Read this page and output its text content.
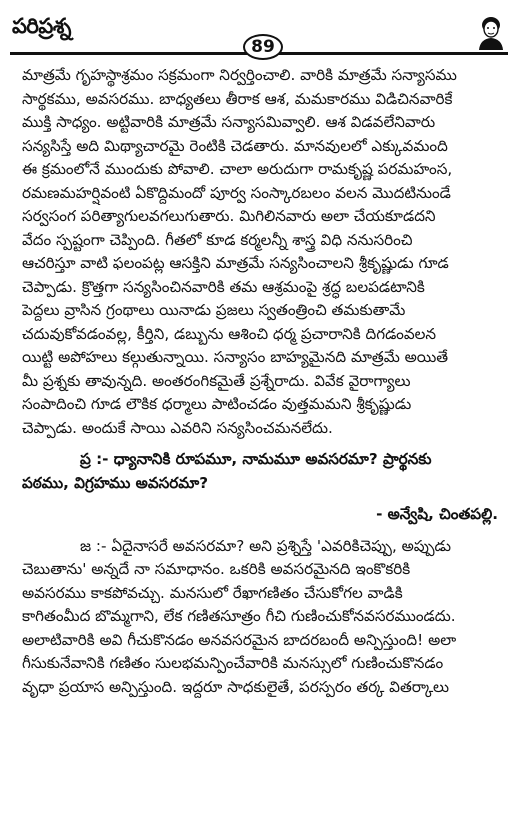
పరిప్రశ్న
89
మాత్రమే గృహస్థాశ్రమం సక్రమంగా నిర్వర్తించాలి. వారికి మాత్రమే సన్యాసము
సార్థకము, అవసరము. బాధ్యతలు తీరాక ఆశ, మమకారము విడిచినవారికే
ముక్తి సాధ్యం. అట్టివారికి మాత్రమే సన్యాసమివ్వాలి. ఆశ విడవలేనివారు
సన్యసిస్తే అది మిథ్యాచారమై రెంటికి చెడతారు. మానవులలో ఎక్కువమంది
ఈ క్రమంలోనే ముందుకు పోవాలి. చాలా అరుదుగా రామకృష్ణ పరమహంస,
రమణమహర్షివంటి ఏకొద్దిమందో పూర్వ సంస్కారబలం వలన మొదటినుండే
సర్వసంగ పరిత్యాగులవగలుగుతారు. మిగిలినవారు అలా చేయకూడదని
వేదం స్పష్టంగా చెప్పింది. గీతలో కూడ కర్మలన్నీ శాస్త్ర విధి ననుసరించి
ఆచరిస్తూ వాటి ఫలంపట్ల ఆసక్తిని మాత్రమే సన్యసించాలని శ్రీకృష్ణుడు గూడ
చెప్పాడు. క్రొత్తగా సన్యసించినవారికి తమ ఆశ్రమంపై శ్రద్ధ బలపడటానికి
పెద్దలు వ్రాసిన గ్రంథాలు యినాడు ప్రజలు స్వతంత్రించి తమకుతామే
చదువుకోవడంవల్ల, కీర్తిని, డబ్బును ఆశించి ధర్మ ప్రచారానికి దిగడంవలన
యిట్టి అపోహలు కల్గుతున్నాయి. సన్యాసం బాహ్యమైనది మాత్రమే అయితే
మీ ప్రశ్నకు తావున్నది. అంతరంగికమైతే ప్రశ్నేరాదు. వివేక వైరాగ్యాలు
సంపాదించి గూడ లౌకిక ధర్మాలు పాటించడం వుత్తమమని శ్రీకృష్ణుడు
చెప్పాడు. అందుకే సాయి ఎవరిని సన్యసించమనలేదు.
ప్ర :- ధ్యానానికి రూపమూ, నామమూ అవసరమా? ప్రార్థనకు
పఠము, విగ్రహము అవసరమా?
- అన్వేషి, చింతపల్లి.
జ :- ఏదైనాసరే అవసరమా? అని ప్రశ్నిస్తే 'ఎవరికిచెప్పు, అప్పుడు
చెబుతాను' అన్నదే నా సమాధానం. ఒకరికి అవసరమైనది ఇంకొకరికి
అవసరము కాకపోవచ్చు. మనసులో రేఖాగణితం చేసుకోగల వాడికి
కాగితంమీద బొమ్మగాని, లేక గణితసూత్రం గీచి గుణించుకోనవసరముండదు.
అలాటివారికి అవి గీచుకొనడం అనవసరమైన బాదరబందీ అన్పిస్తుంది! అలా
గీసుకునేవానికి గణితం సులభమన్పించేవారికి మనస్సులో గుణించుకొనడం
వృధా ప్రయాస అన్పిస్తుంది. ఇద్దరూ సాధకులైతే, పరస్పరం తర్క వితర్కాలు
